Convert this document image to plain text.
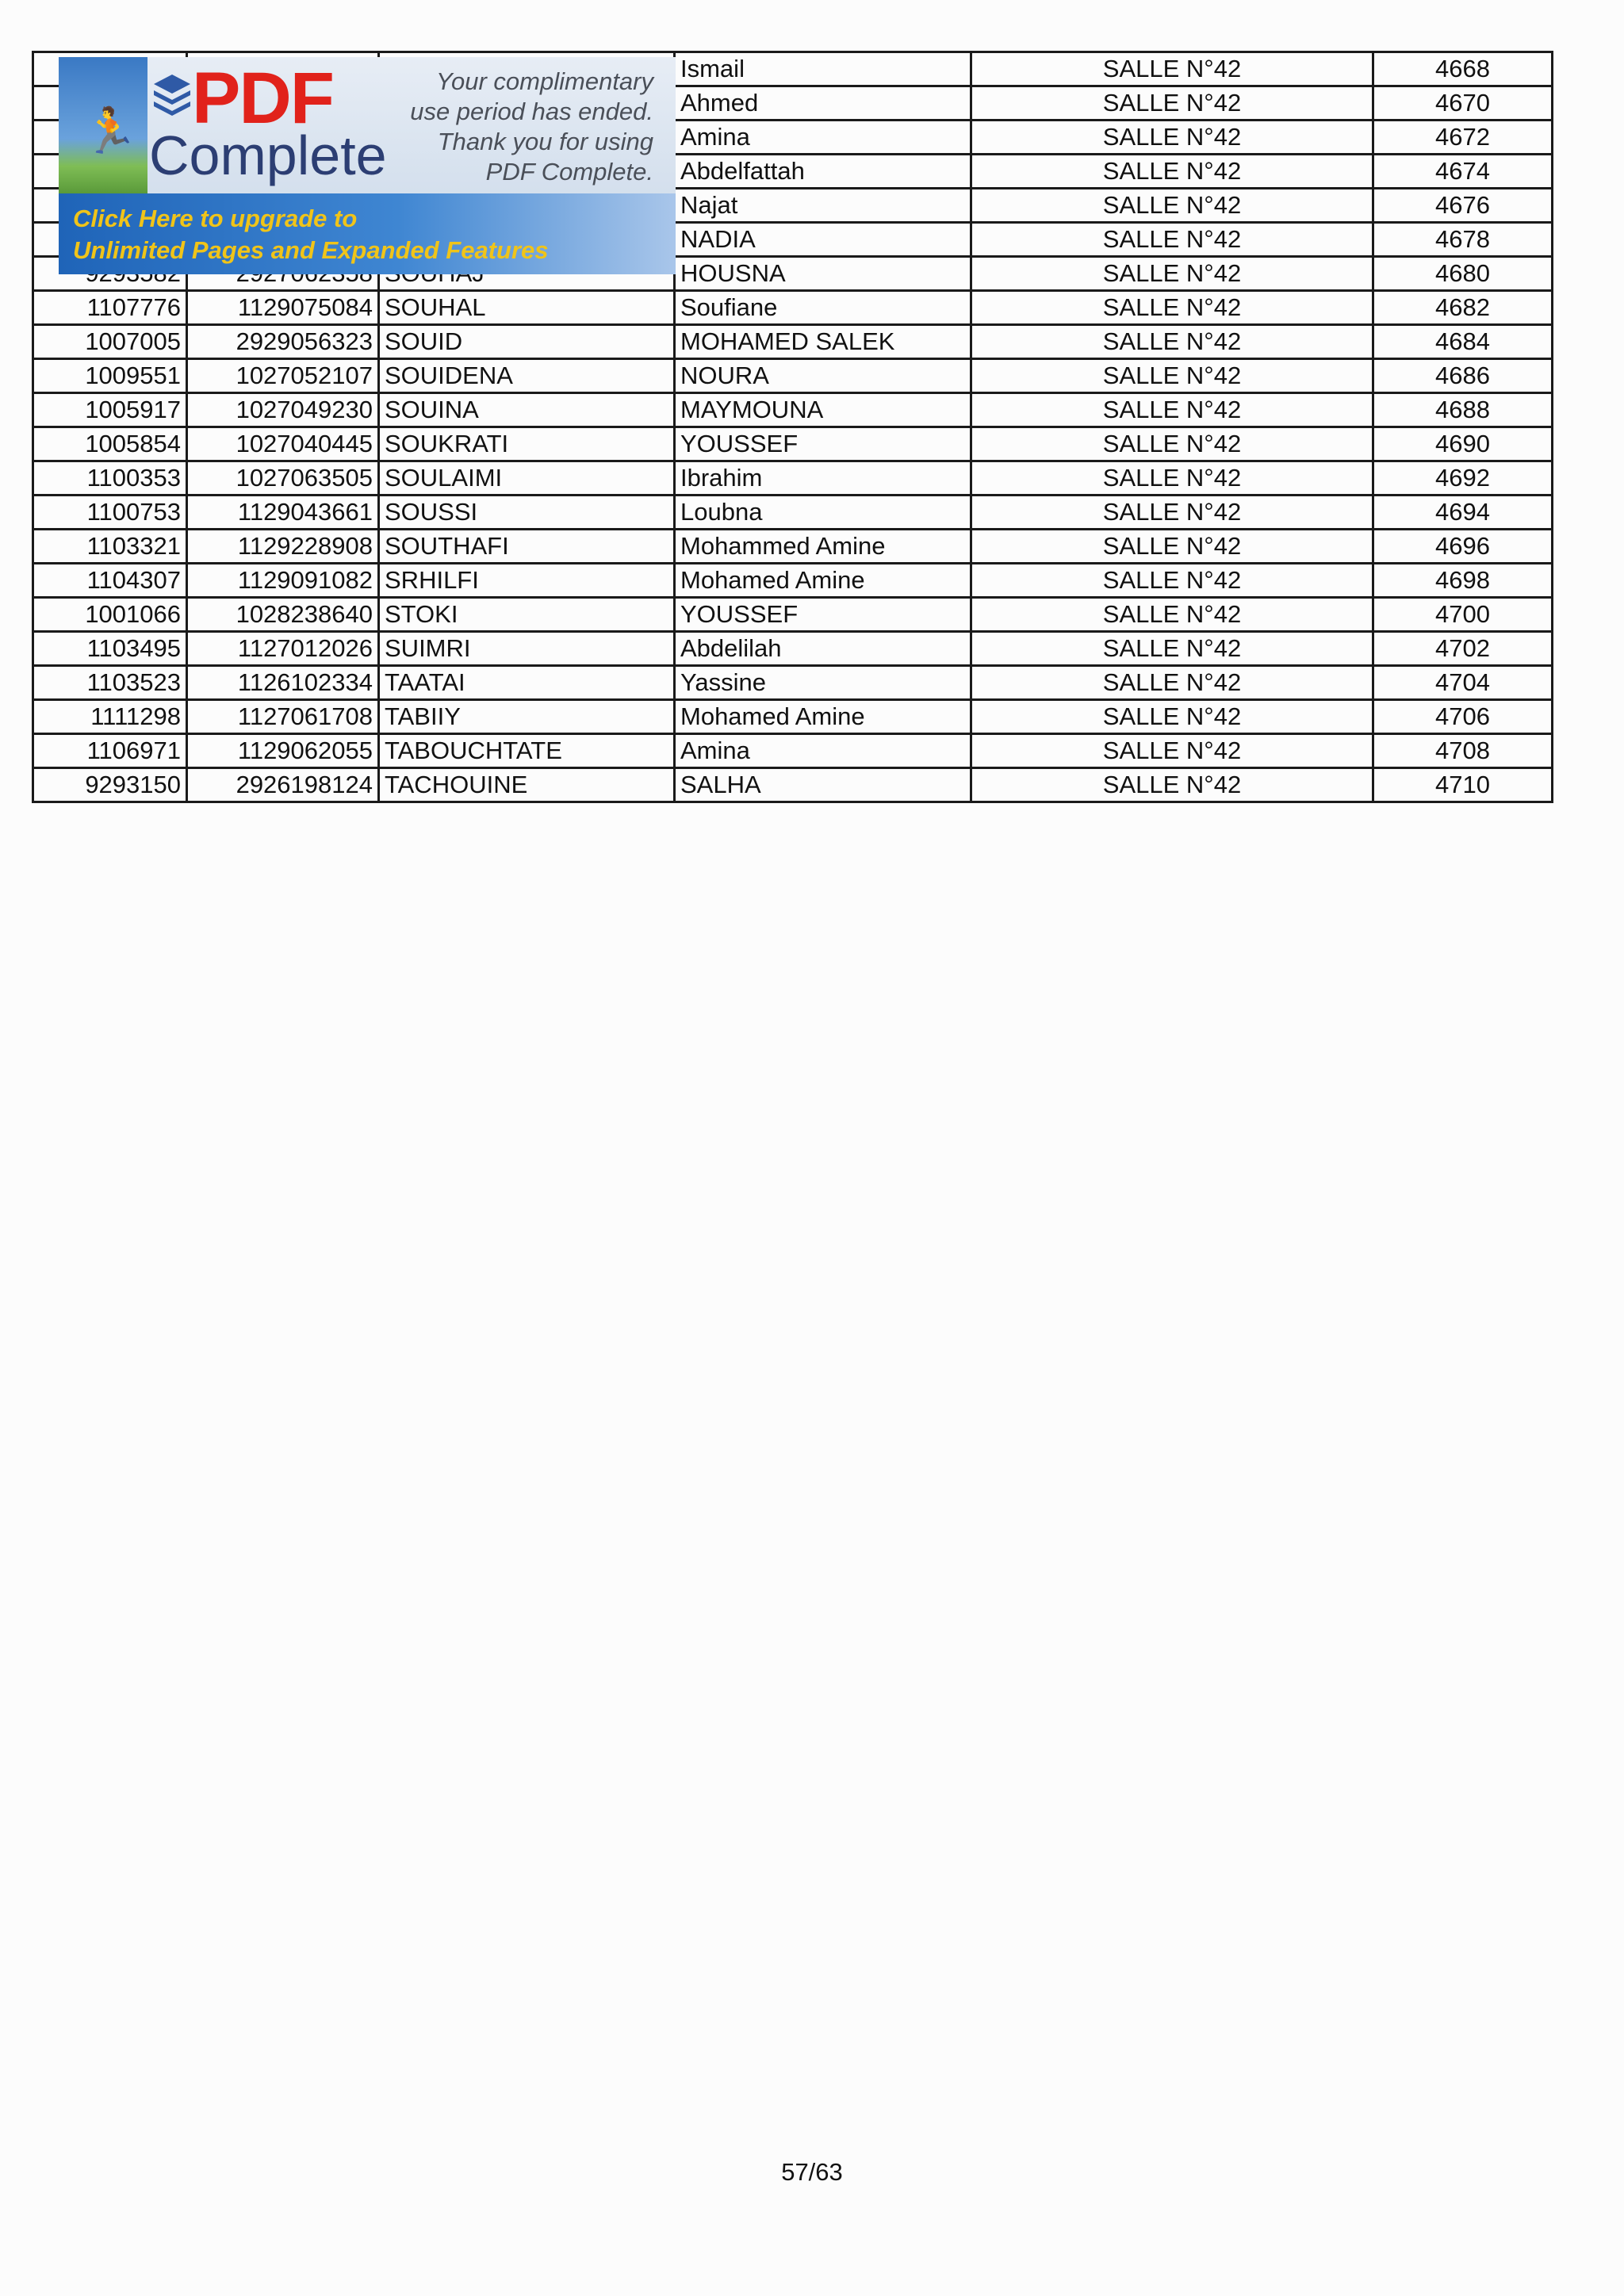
			Ismail	SALLE N°42	4668
			Ahmed	SALLE N°42	4670
			Amina	SALLE N°42	4672
			Abdelfattah	SALLE N°42	4674
			Najat	SALLE N°42	4676
			NADIA	SALLE N°42	4678
			HOUSNA	SALLE N°42	4680
1107776	1129075084	SOUHAL	Soufiane	SALLE N°42	4682
1007005	2929056323	SOUID	MOHAMED SALEK	SALLE N°42	4684
1009551	1027052107	SOUIDENA	NOURA	SALLE N°42	4686
1005917	1027049230	SOUINA	MAYMOUNA	SALLE N°42	4688
1005854	1027040445	SOUKRATI	YOUSSEF	SALLE N°42	4690
1100353	1027063505	SOULAIMI	Ibrahim	SALLE N°42	4692
1100753	1129043661	SOUSSI	Loubna	SALLE N°42	4694
1103321	1129228908	SOUTHAFI	Mohammed Amine	SALLE N°42	4696
1104307	1129091082	SRHILFI	Mohamed Amine	SALLE N°42	4698
1001066	1028238640	STOKI	YOUSSEF	SALLE N°42	4700
1103495	1127012026	SUIMRI	Abdelilah	SALLE N°42	4702
1103523	1126102334	TAATAI	Yassine	SALLE N°42	4704
1111298	1127061708	TABIIY	Mohamed Amine	SALLE N°42	4706
1106971	1129062055	TABOUCHTATE	Amina	SALLE N°42	4708
9293150	2926198124	TACHOUINE	SALHA	SALLE N°42	4710
🏃 PDF
Complete
Your complimentary
use period has ended.
Thank you for using
PDF Complete.
Click Here to upgrade to
Unlimited Pages and Expanded Features
57/63
